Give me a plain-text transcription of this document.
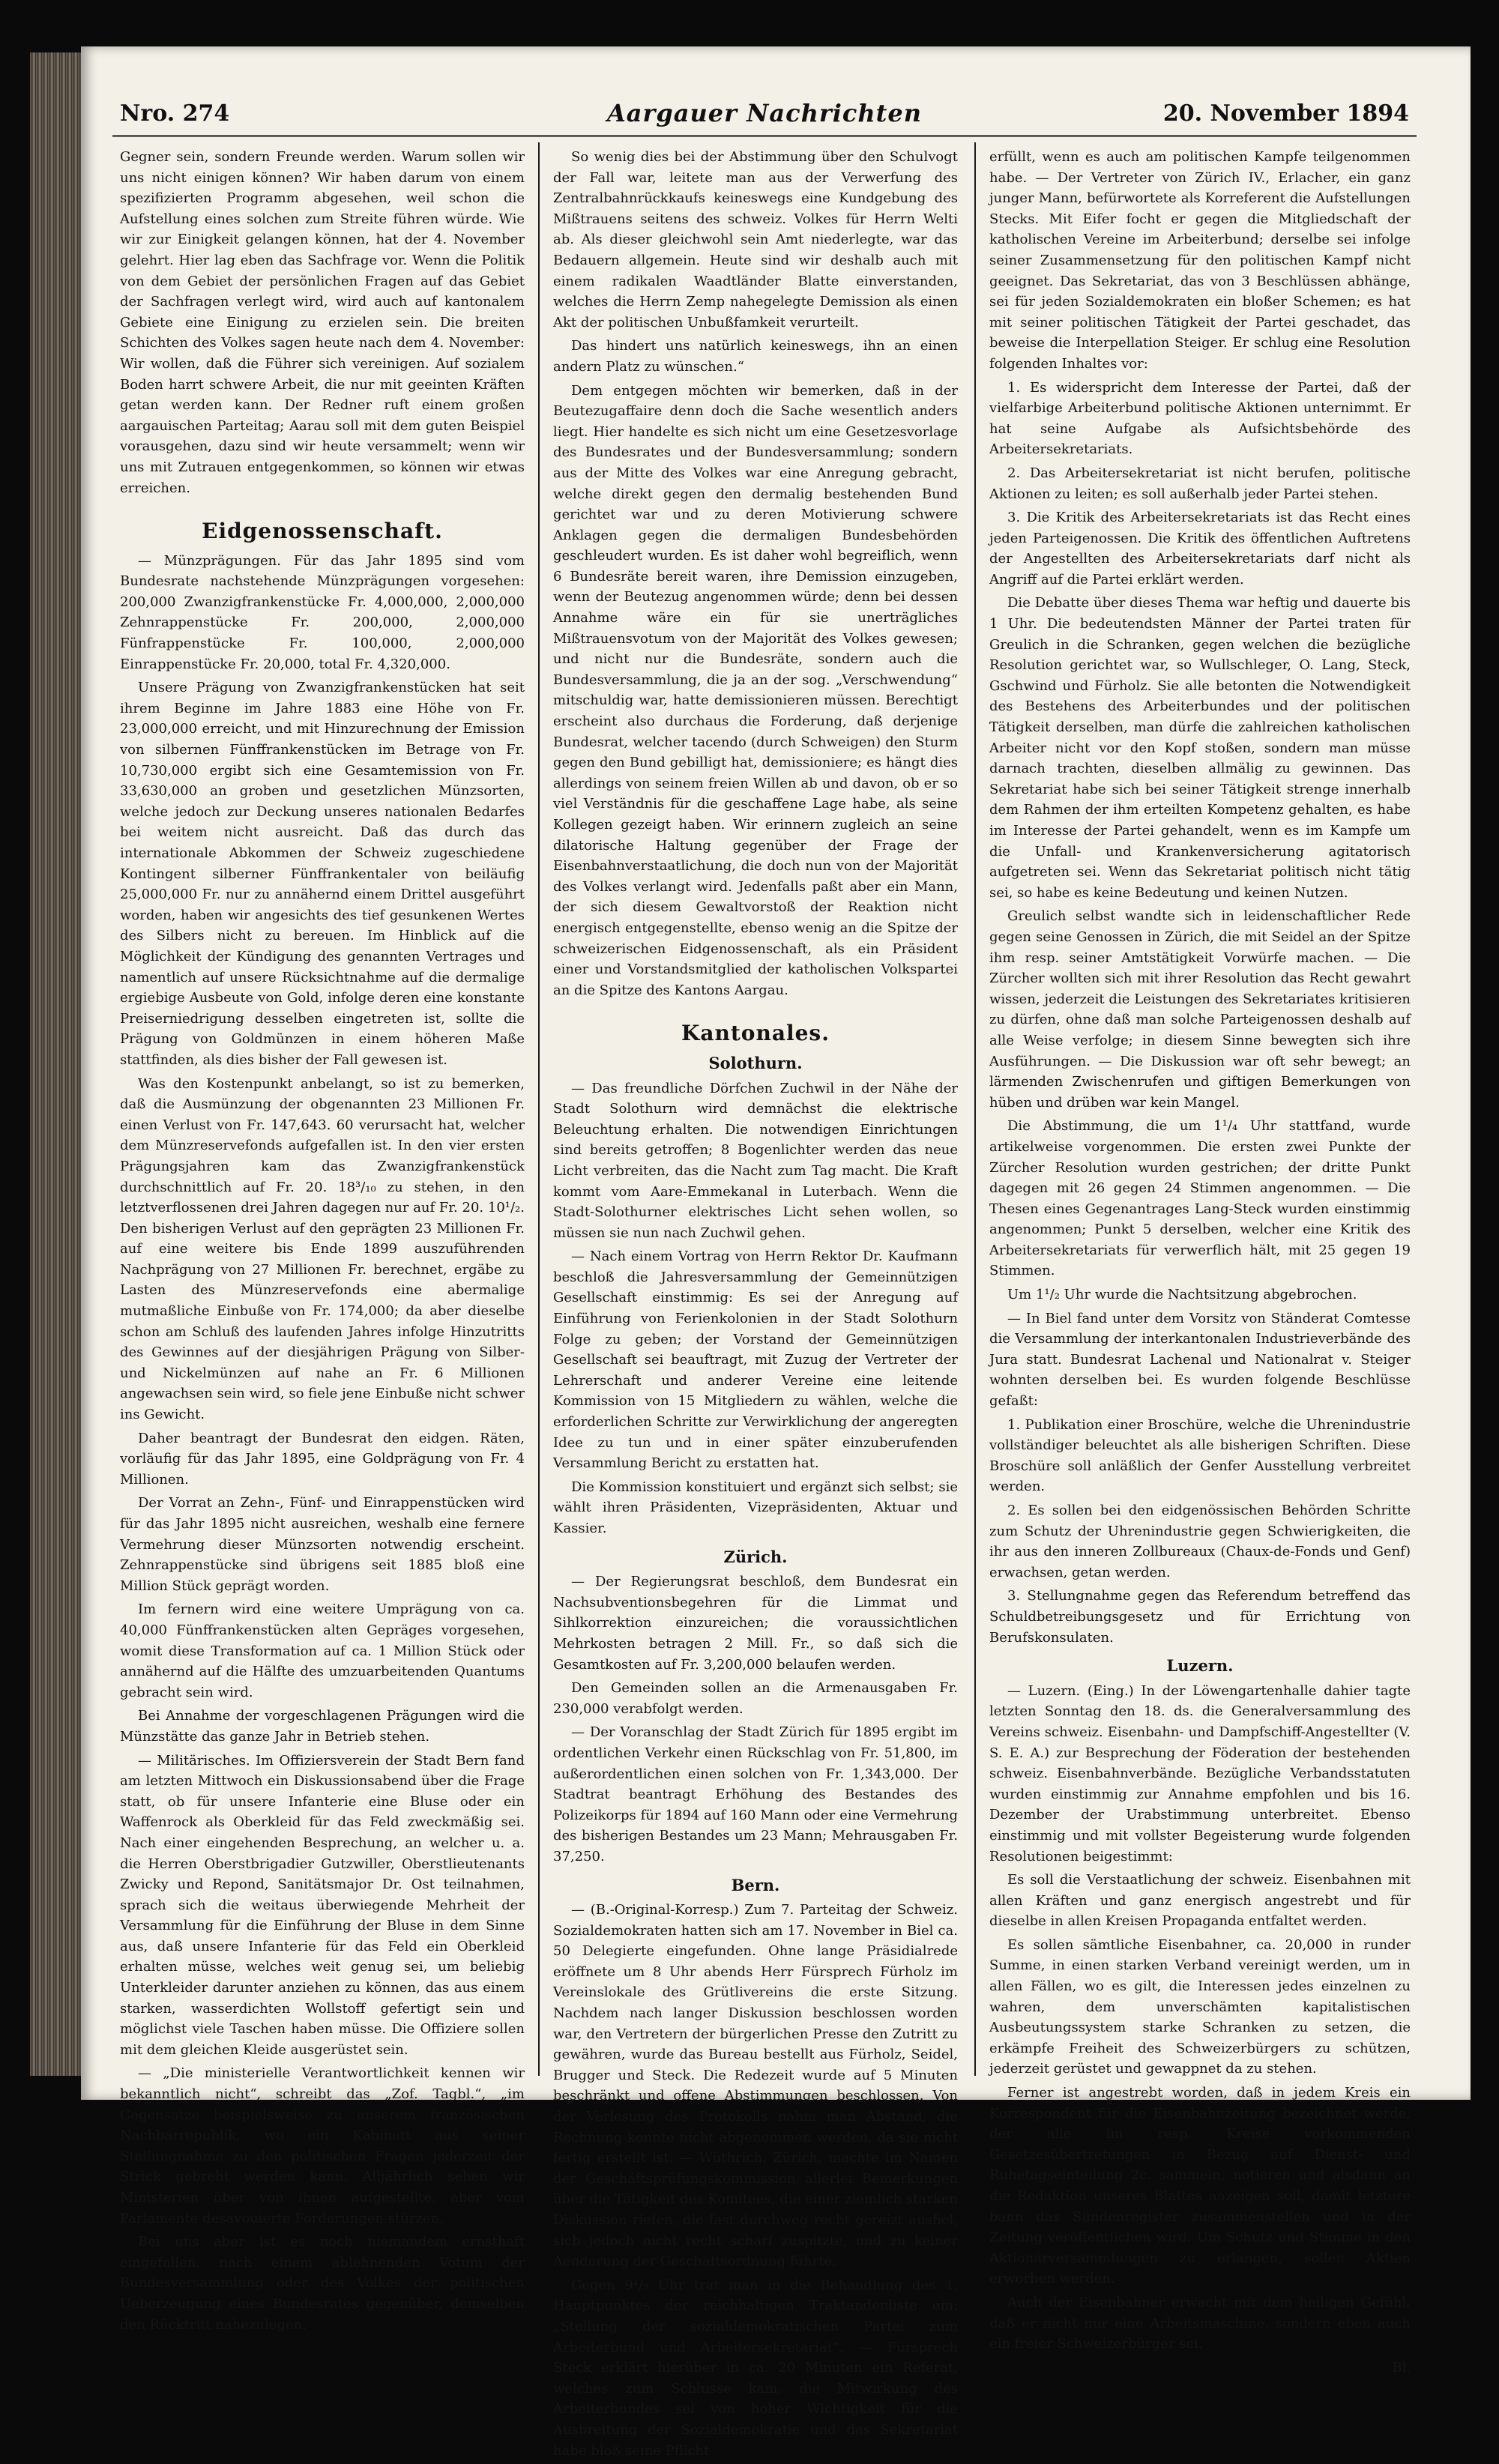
Nro. 274	Aargauer Nachrichten	20. November 1894

Gegner sein, sondern Freunde werden. Warum sollen wir uns nicht einigen können? Wir haben darum von einem spezifizierten Programm abgesehen, weil schon die Aufstellung eines solchen zum Streite führen würde. Wie wir zur Einigkeit gelangen können, hat der 4. November gelehrt. Hier lag eben das Sachfrage vor. Wenn die Politik von dem Gebiet der persönlichen Fragen auf das Gebiet der Sachfragen verlegt wird, wird auch auf kantonalem Gebiete eine Einigung zu erzielen sein. Die breiten Schichten des Volkes sagen heute nach dem 4. November: Wir wollen, daß die Führer sich vereinigen. Auf sozialem Boden harrt schwere Arbeit, die nur mit geeinten Kräften getan werden kann. Der Redner ruft einem großen aargauischen Parteitag; Aarau soll mit dem guten Beispiel vorausgehen, dazu sind wir heute versammelt; wenn wir uns mit Zutrauen entgegenkommen, so können wir etwas erreichen.

Eidgenossenschaft.

— Münzprägungen. Für das Jahr 1895 sind vom Bundesrate nachstehende Münzprägungen vorgesehen: 200,000 Zwanzigfrankenstücke Fr. 4,000,000, 2,000,000 Zehnrappenstücke Fr. 200,000, 2,000,000 Fünfrappenstücke Fr. 100,000, 2,000,000 Einrappenstücke Fr. 20,000, total Fr. 4,320,000.

Unsere Prägung von Zwanzigfrankenstücken hat seit ihrem Beginne im Jahre 1883 eine Höhe von Fr. 23,000,000 erreicht, und mit Hinzurechnung der Emission von silbernen Fünffrankenstücken im Betrage von Fr. 10,730,000 ergibt sich eine Gesamtemission von Fr. 33,630,000 an groben und gesetzlichen Münzsorten, welche jedoch zur Deckung unseres nationalen Bedarfes bei weitem nicht ausreicht. Daß das durch das internationale Abkommen der Schweiz zugeschiedene Kontingent silberner Fünffrankentaler von beiläufig 25,000,000 Fr. nur zu annähernd einem Drittel ausgeführt worden, haben wir angesichts des tief gesunkenen Wertes des Silbers nicht zu bereuen. Im Hinblick auf die Möglichkeit der Kündigung des genannten Vertrages und namentlich auf unsere Rücksichtnahme auf die dermalige ergiebige Ausbeute von Gold, infolge deren eine konstante Preiserniedrigung desselben eingetreten ist, sollte die Prägung von Goldmünzen in einem höheren Maße stattfinden, als dies bisher der Fall gewesen ist.

Was den Kostenpunkt anbelangt, so ist zu bemerken, daß die Ausmünzung der obgenannten 23 Millionen Fr. einen Verlust von Fr. 147,643. 60 verursacht hat, welcher dem Münzreservefonds aufgefallen ist. In den vier ersten Prägungsjahren kam das Zwanzigfrankenstück durchschnittlich auf Fr. 20. 18³/₁₀ zu stehen, in den letztverflossenen drei Jahren dagegen nur auf Fr. 20. 10¹/₂. Den bisherigen Verlust auf den geprägten 23 Millionen Fr. auf eine weitere bis Ende 1899 auszuführenden Nachprägung von 27 Millionen Fr. berechnet, ergäbe zu Lasten des Münzreservefonds eine abermalige mutmaßliche Einbuße von Fr. 174,000; da aber dieselbe schon am Schluß des laufenden Jahres infolge Hinzutritts des Gewinnes auf der diesjährigen Prägung von Silber- und Nickelmünzen auf nahe an Fr. 6 Millionen angewachsen sein wird, so fiele jene Einbuße nicht schwer ins Gewicht.

Daher beantragt der Bundesrat den eidgen. Räten, vorläufig für das Jahr 1895, eine Goldprägung von Fr. 4 Millionen.

Der Vorrat an Zehn-, Fünf- und Einrappenstücken wird für das Jahr 1895 nicht ausreichen, weshalb eine fernere Vermehrung dieser Münzsorten notwendig erscheint. Zehnrappenstücke sind übrigens seit 1885 bloß eine Million Stück geprägt worden.

Im fernern wird eine weitere Umprägung von ca. 40,000 Fünffrankenstücken alten Gepräges vorgesehen, womit diese Transformation auf ca. 1 Million Stück oder annähernd auf die Hälfte des umzuarbeitenden Quantums gebracht sein wird.

Bei Annahme der vorgeschlagenen Prägungen wird die Münzstätte das ganze Jahr in Betrieb stehen.

— Militärisches. Im Offiziersverein der Stadt Bern fand am letzten Mittwoch ein Diskussionsabend über die Frage statt, ob für unsere Infanterie eine Bluse oder ein Waffenrock als Oberkleid für das Feld zweckmäßig sei. Nach einer eingehenden Besprechung, an welcher u. a. die Herren Oberstbrigadier Gutzwiller, Oberstlieutenants Zwicky und Repond, Sanitätsmajor Dr. Ost teilnahmen, sprach sich die weitaus überwiegende Mehrheit der Versammlung für die Einführung der Bluse in dem Sinne aus, daß unsere Infanterie für das Feld ein Oberkleid erhalten müsse, welches weit genug sei, um beliebig Unterkleider darunter anziehen zu können, das aus einem starken, wasserdichten Wollstoff gefertigt sein und möglichst viele Taschen haben müsse. Die Offiziere sollen mit dem gleichen Kleide ausgerüstet sein.

— „Die ministerielle Verantwortlichkeit kennen wir bekanntlich nicht“, schreibt das „Zof. Tagbl.“, „im Gegensatze beispielsweise zu unserem französischen Nachbarrepublik, wo ein Kabinett aus seiner Stellungnahme zu den politischen Fragen jederzeit der Strick gebreht werden kann. Alljährlich sehen wir Ministerien über von ihnen aufgestellte, aber vom Parlamente desavouierte Forderungen stürzen.

Bei uns aber ist es noch niemandem ernsthaft eingefallen, nach einem ablehnenden Votum der Bundesversammlung oder des Volkes der politischen Ueberzeugung eines Bundesrates gegenüber, demselben den Rücktritt nahezulegen.

So wenig dies bei der Abstimmung über den Schulvogt der Fall war, leitete man aus der Verwerfung des Zentralbahnrückkaufs keineswegs eine Kundgebung des Mißtrauens seitens des schweiz. Volkes für Herrn Welti ab. Als dieser gleichwohl sein Amt niederlegte, war das Bedauern allgemein. Heute sind wir deshalb auch mit einem radikalen Waadtländer Blatte einverstanden, welches die Herrn Zemp nahegelegte Demission als einen Akt der politischen Unbußfamkeit verurteilt.

Das hindert uns natürlich keineswegs, ihn an einen andern Platz zu wünschen.“

Dem entgegen möchten wir bemerken, daß in der Beutezugaffaire denn doch die Sache wesentlich anders liegt. Hier handelte es sich nicht um eine Gesetzesvorlage des Bundesrates und der Bundesversammlung; sondern aus der Mitte des Volkes war eine Anregung gebracht, welche direkt gegen den dermalig bestehenden Bund gerichtet war und zu deren Motivierung schwere Anklagen gegen die dermaligen Bundesbehörden geschleudert wurden. Es ist daher wohl begreiflich, wenn 6 Bundesräte bereit waren, ihre Demission einzugeben, wenn der Beutezug angenommen würde; denn bei dessen Annahme wäre ein für sie unerträgliches Mißtrauensvotum von der Majorität des Volkes gewesen; und nicht nur die Bundesräte, sondern auch die Bundesversammlung, die ja an der sog. „Verschwendung“ mitschuldig war, hatte demissionieren müssen. Berechtigt erscheint also durchaus die Forderung, daß derjenige Bundesrat, welcher tacendo (durch Schweigen) den Sturm gegen den Bund gebilligt hat, demissioniere; es hängt dies allerdings von seinem freien Willen ab und davon, ob er so viel Verständnis für die geschaffene Lage habe, als seine Kollegen gezeigt haben. Wir erinnern zugleich an seine dilatorische Haltung gegenüber der Frage der Eisenbahnverstaatlichung, die doch nun von der Majorität des Volkes verlangt wird. Jedenfalls paßt aber ein Mann, der sich diesem Gewaltvorstoß der Reaktion nicht energisch entgegenstellte, ebenso wenig an die Spitze der schweizerischen Eidgenossenschaft, als ein Präsident einer und Vorstandsmitglied der katholischen Volkspartei an die Spitze des Kantons Aargau.

Kantonales.
Solothurn.

— Das freundliche Dörfchen Zuchwil in der Nähe der Stadt Solothurn wird demnächst die elektrische Beleuchtung erhalten. Die notwendigen Einrichtungen sind bereits getroffen; 8 Bogenlichter werden das neue Licht verbreiten, das die Nacht zum Tag macht. Die Kraft kommt vom Aare-Emmekanal in Luterbach. Wenn die Stadt-Solothurner elektrisches Licht sehen wollen, so müssen sie nun nach Zuchwil gehen.

— Nach einem Vortrag von Herrn Rektor Dr. Kaufmann beschloß die Jahresversammlung der Gemeinnützigen Gesellschaft einstimmig: Es sei der Anregung auf Einführung von Ferienkolonien in der Stadt Solothurn Folge zu geben; der Vorstand der Gemeinnützigen Gesellschaft sei beauftragt, mit Zuzug der Vertreter der Lehrerschaft und anderer Vereine eine leitende Kommission von 15 Mitgliedern zu wählen, welche die erforderlichen Schritte zur Verwirklichung der angeregten Idee zu tun und in einer später einzuberufenden Versammlung Bericht zu erstatten hat.

Die Kommission konstituiert und ergänzt sich selbst; sie wählt ihren Präsidenten, Vizepräsidenten, Aktuar und Kassier.

Zürich.

— Der Regierungsrat beschloß, dem Bundesrat ein Nachsubventionsbegehren für die Limmat und Sihlkorrektion einzureichen; die voraussichtlichen Mehrkosten betragen 2 Mill. Fr., so daß sich die Gesamtkosten auf Fr. 3,200,000 belaufen werden.

Den Gemeinden sollen an die Armenausgaben Fr. 230,000 verabfolgt werden.

— Der Voranschlag der Stadt Zürich für 1895 ergibt im ordentlichen Verkehr einen Rückschlag von Fr. 51,800, im außerordentlichen einen solchen von Fr. 1,343,000. Der Stadtrat beantragt Erhöhung des Bestandes des Polizeikorps für 1894 auf 160 Mann oder eine Vermehrung des bisherigen Bestandes um 23 Mann; Mehrausgaben Fr. 37,250.

Bern.

— (B.-Original-Korresp.) Zum 7. Parteitag der Schweiz. Sozialdemokraten hatten sich am 17. November in Biel ca. 50 Delegierte eingefunden. Ohne lange Präsidialrede eröffnete um 8 Uhr abends Herr Fürsprech Fürholz im Vereinslokale des Grütlivereins die erste Sitzung. Nachdem nach langer Diskussion beschlossen worden war, den Vertretern der bürgerlichen Presse den Zutritt zu gewähren, wurde das Bureau bestellt aus Fürholz, Seidel, Brugger und Steck. Die Redezeit wurde auf 5 Minuten beschränkt und offene Abstimmungen beschlossen. Von der Verlesung des Protokolls nahm man Abstand, die Rechnung konnte nicht abgenommen werden, da sie nicht fertig erstellt ist. — Wüthrich, Zürich, machte im Namen der Geschäftsprüfungskommission allerlei Bemerkungen über die Tätigkeit des Komitees, die einer ziemlich starken Diskussion riefen, die fast durchweg recht gereizt ausfiel, sich jedoch nicht recht scharf zuspitzte, und zu keiner Aenderung der Geschäftsordnung führte.

Gegen 9¹/₂ Uhr trat man in die Behandlung des 1. Hauptpunktes der reichhaltigen Traktandenliste ein: „Stellung der sozialdemokratischen Partei zum Arbeiterbund und Arbeitersekretariat“. — Fürsprech Steck erklärt hierüber in ca. 20 Minuten ein Referat, welches zum Schlusse kam, die Mitwirkung des Arbeiterbundes sei von hoher Wichtigkeit für die Ausbreitung der Sozialdemokratie und das Sekretariat habe bloß seine Pflicht

erfüllt, wenn es auch am politischen Kampfe teilgenommen habe. — Der Vertreter von Zürich IV., Erlacher, ein ganz junger Mann, befürwortete als Korreferent die Aufstellungen Stecks. Mit Eifer focht er gegen die Mitgliedschaft der katholischen Vereine im Arbeiterbund; derselbe sei infolge seiner Zusammensetzung für den politischen Kampf nicht geeignet. Das Sekretariat, das von 3 Beschlüssen abhänge, sei für jeden Sozialdemokraten ein bloßer Schemen; es hat mit seiner politischen Tätigkeit der Partei geschadet, das beweise die Interpellation Steiger. Er schlug eine Resolution folgenden Inhaltes vor:

1. Es widerspricht dem Interesse der Partei, daß der vielfarbige Arbeiterbund politische Aktionen unternimmt. Er hat seine Aufgabe als Aufsichtsbehörde des Arbeitersekretariats.

2. Das Arbeitersekretariat ist nicht berufen, politische Aktionen zu leiten; es soll außerhalb jeder Partei stehen.

3. Die Kritik des Arbeitersekretariats ist das Recht eines jeden Parteigenossen. Die Kritik des öffentlichen Auftretens der Angestellten des Arbeitersekretariats darf nicht als Angriff auf die Partei erklärt werden.

Die Debatte über dieses Thema war heftig und dauerte bis 1 Uhr. Die bedeutendsten Männer der Partei traten für Greulich in die Schranken, gegen welchen die bezügliche Resolution gerichtet war, so Wullschleger, O. Lang, Steck, Gschwind und Fürholz. Sie alle betonten die Notwendigkeit des Bestehens des Arbeiterbundes und der politischen Tätigkeit derselben, man dürfe die zahlreichen katholischen Arbeiter nicht vor den Kopf stoßen, sondern man müsse darnach trachten, dieselben allmälig zu gewinnen. Das Sekretariat habe sich bei seiner Tätigkeit strenge innerhalb dem Rahmen der ihm erteilten Kompetenz gehalten, es habe im Interesse der Partei gehandelt, wenn es im Kampfe um die Unfall- und Krankenversicherung agitatorisch aufgetreten sei. Wenn das Sekretariat politisch nicht tätig sei, so habe es keine Bedeutung und keinen Nutzen.

Greulich selbst wandte sich in leidenschaftlicher Rede gegen seine Genossen in Zürich, die mit Seidel an der Spitze ihm resp. seiner Amtstätigkeit Vorwürfe machen. — Die Zürcher wollten sich mit ihrer Resolution das Recht gewahrt wissen, jederzeit die Leistungen des Sekretariates kritisieren zu dürfen, ohne daß man solche Parteigenossen deshalb auf alle Weise verfolge; in diesem Sinne bewegten sich ihre Ausführungen. — Die Diskussion war oft sehr bewegt; an lärmenden Zwischenrufen und giftigen Bemerkungen von hüben und drüben war kein Mangel.

Die Abstimmung, die um 1¹/₄ Uhr stattfand, wurde artikelweise vorgenommen. Die ersten zwei Punkte der Zürcher Resolution wurden gestrichen; der dritte Punkt dagegen mit 26 gegen 24 Stimmen angenommen. — Die Thesen eines Gegenantrages Lang-Steck wurden einstimmig angenommen; Punkt 5 derselben, welcher eine Kritik des Arbeitersekretariats für verwerflich hält, mit 25 gegen 19 Stimmen.

Um 1¹/₂ Uhr wurde die Nachtsitzung abgebrochen.

— In Biel fand unter dem Vorsitz von Ständerat Comtesse die Versammlung der interkantonalen Industrieverbände des Jura statt. Bundesrat Lachenal und Nationalrat v. Steiger wohnten derselben bei. Es wurden folgende Beschlüsse gefaßt:

1. Publikation einer Broschüre, welche die Uhrenindustrie vollständiger beleuchtet als alle bisherigen Schriften. Diese Broschüre soll anläßlich der Genfer Ausstellung verbreitet werden.

2. Es sollen bei den eidgenössischen Behörden Schritte zum Schutz der Uhrenindustrie gegen Schwierigkeiten, die ihr aus den inneren Zollbureaux (Chaux-de-Fonds und Genf) erwachsen, getan werden.

3. Stellungnahme gegen das Referendum betreffend das Schuldbetreibungsgesetz und für Errichtung von Berufskonsulaten.

Luzern.

— Luzern. (Eing.) In der Löwengartenhalle dahier tagte letzten Sonntag den 18. ds. die Generalversammlung des Vereins schweiz. Eisenbahn- und Dampfschiff-Angestellter (V. S. E. A.) zur Besprechung der Föderation der bestehenden schweiz. Eisenbahnverbände. Bezügliche Verbandsstatuten wurden einstimmig zur Annahme empfohlen und bis 16. Dezember der Urabstimmung unterbreitet. Ebenso einstimmig und mit vollster Begeisterung wurde folgenden Resolutionen beigestimmt:

Es soll die Verstaatlichung der schweiz. Eisenbahnen mit allen Kräften und ganz energisch angestrebt und für dieselbe in allen Kreisen Propaganda entfaltet werden.

Es sollen sämtliche Eisenbahner, ca. 20,000 in runder Summe, in einen starken Verband vereinigt werden, um in allen Fällen, wo es gilt, die Interessen jedes einzelnen zu wahren, dem unverschämten kapitalistischen Ausbeutungssystem starke Schranken zu setzen, die erkämpfe Freiheit des Schweizerbürgers zu schützen, jederzeit gerüstet und gewappnet da zu stehen.

Ferner ist angestrebt worden, daß in jedem Kreis ein Korrespondent für die Eisenbahnzeitung bezeichnet werde, der alle im resp. Kreise vorkommenden Gesetzesübertretungen in Bezug auf Dienst- und Ruhetagseinteilung 2c. sammeln, notieren und alsdann an die Redaktion unseres Blattes anzeigen soll, damit letztere bann das Sündenregister zusammenstellen und in der Zeitung veröffentlichen wird. Um Schutz und Stimme in den Aktionärversammlungen zu erlangen, sollen Aktien erworben werden.

Auch der Eisenbahner erwacht mit dem heiligen Gefühl, daß er nicht nur eine Arbeitsmaschine, sondern eben auch ein freier Schweizerbürger sei.

Bl.
